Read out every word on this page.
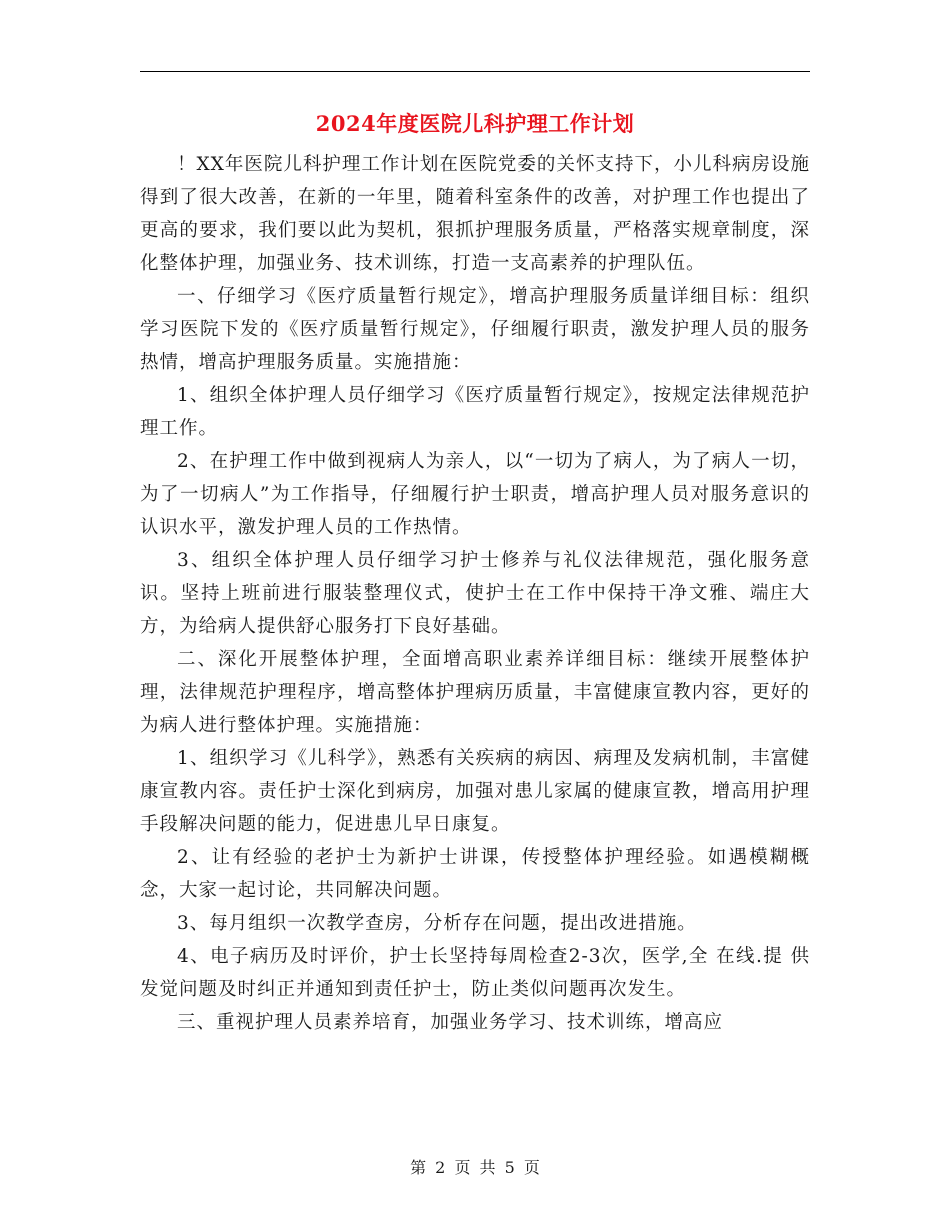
2024年度医院儿科护理工作计划

！XX年医院儿科护理工作计划在医院党委的关怀支持下，小儿科病房设施得到了很大改善，在新的一年里，随着科室条件的改善，对护理工作也提出了更高的要求，我们要以此为契机，狠抓护理服务质量，严格落实规章制度，深化整体护理，加强业务、技术训练，打造一支高素养的护理队伍。

一、仔细学习《医疗质量暂行规定》，增高护理服务质量详细目标：组织学习医院下发的《医疗质量暂行规定》，仔细履行职责，激发护理人员的服务热情，增高护理服务质量。实施措施：

1、组织全体护理人员仔细学习《医疗质量暂行规定》，按规定法律规范护理工作。

2、在护理工作中做到视病人为亲人，以“一切为了病人，为了病人一切，为了一切病人”为工作指导，仔细履行护士职责，增高护理人员对服务意识的认识水平，激发护理人员的工作热情。

3、组织全体护理人员仔细学习护士修养与礼仪法律规范，强化服务意识。坚持上班前进行服装整理仪式，使护士在工作中保持干净文雅、端庄大方，为给病人提供舒心服务打下良好基础。

二、深化开展整体护理，全面增高职业素养详细目标：继续开展整体护理，法律规范护理程序，增高整体护理病历质量，丰富健康宣教内容，更好的为病人进行整体护理。实施措施：

1、组织学习《儿科学》，熟悉有关疾病的病因、病理及发病机制，丰富健康宣教内容。责任护士深化到病房，加强对患儿家属的健康宣教，增高用护理手段解决问题的能力，促进患儿早日康复。

2、让有经验的老护士为新护士讲课，传授整体护理经验。如遇模糊概念，大家一起讨论，共同解决问题。

3、每月组织一次教学查房，分析存在问题，提出改进措施。

4、电子病历及时评价，护士长坚持每周检查2-3次，医学,全 在线.提 供发觉问题及时纠正并通知到责任护士，防止类似问题再次发生。

三、重视护理人员素养培育，加强业务学习、技术训练，增高应

第 2 页 共 5 页
